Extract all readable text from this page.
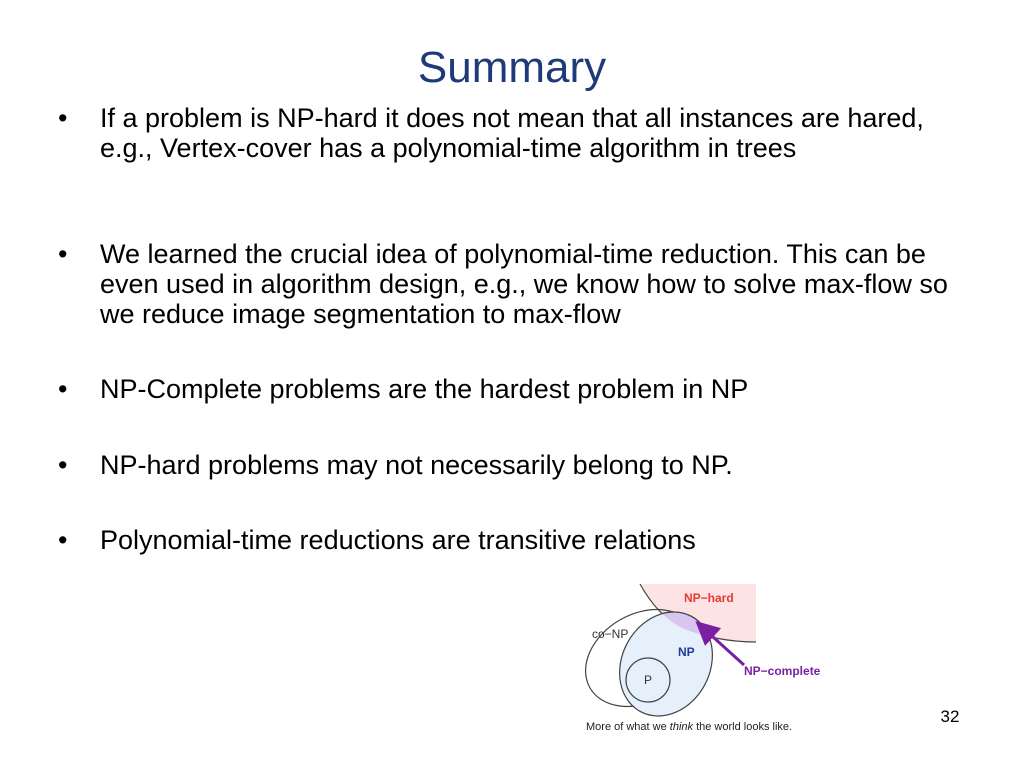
Summary
•	If a problem is NP-hard it does not mean that all instances are hared, e.g., Vertex-cover has a polynomial-time algorithm in trees
•	We learned the crucial idea of polynomial-time reduction. This can be even used in algorithm design, e.g., we know how to solve max-flow so we reduce image segmentation to max-flow
•	NP-Complete problems are the hardest problem in NP
•	NP-hard problems may not necessarily belong to NP.
•	Polynomial-time reductions are transitive relations
NP−hard
co−NP
NP
P
NP−complete
More of what we think the world looks like.
32
